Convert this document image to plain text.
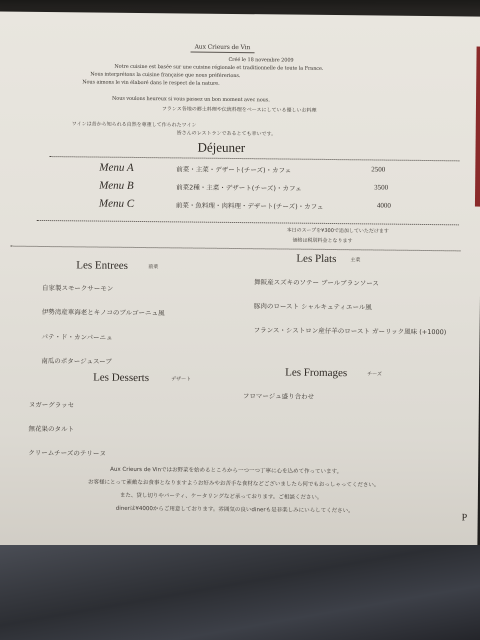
Aux Crieurs de Vin
Créé le 18 novembre 2009
Notre cuisine est basée sur une cuisine régionale et traditionnelle de toute la France.
Nous interprétons la cuisine française que nous préférerions.
Nous aimons le vin élaboré dans le respect de la nature.
Nous voulons heureux si vous passez un bon moment avec nous.
フランス各地の郷土料理や伝統料理をベースにしている優しいお料理
ワインは昔から知られる自然を尊重して作られたワイン
皆さんのレストランであるとても幸いです。
Déjeuner
Menu A	前菜・主菜・デザート(チーズ)・カフェ	2500
Menu B	前菜2種・主菜・デザート(チーズ)・カフェ	3500
Menu C	前菜・魚料理・肉料理・デザート(チーズ)・カフェ	4000
本日のスープを¥300で追加していただけます
価格は税別料金となります
Les Entrees	前菜
自家製スモークサーモン
伊勢湾産車海老とキノコのブルゴーニュ風
パテ・ド・カンパーニュ
南瓜のポタージュスープ
Les Plats	主菜
舞阪産スズキのソテー ブールブランソース
豚肉のロースト シャルキュティエール風
フランス・シストロン産仔羊のロースト ガーリック風味 (+1000)
Les Desserts	デザート
ヌガーグラッセ
無花果のタルト
クリームチーズのテリーヌ
Les Fromages	チーズ
フロマージュ盛り合わせ
Aux Crieurs de Vinではお野菜を始めるところから一つ一つ丁寧に心を込めて作っています。
お客様にとって素敵なお食事となりますようお好みやお苦手な食材などございましたら何でもおっしゃってください。
また、貸し切りやパーティ、ケータリングなど承っております。ご相談ください。
dinerは¥4000からご用意しております。雰囲気の良いdinerも是非楽しみにいらしてください。
P
